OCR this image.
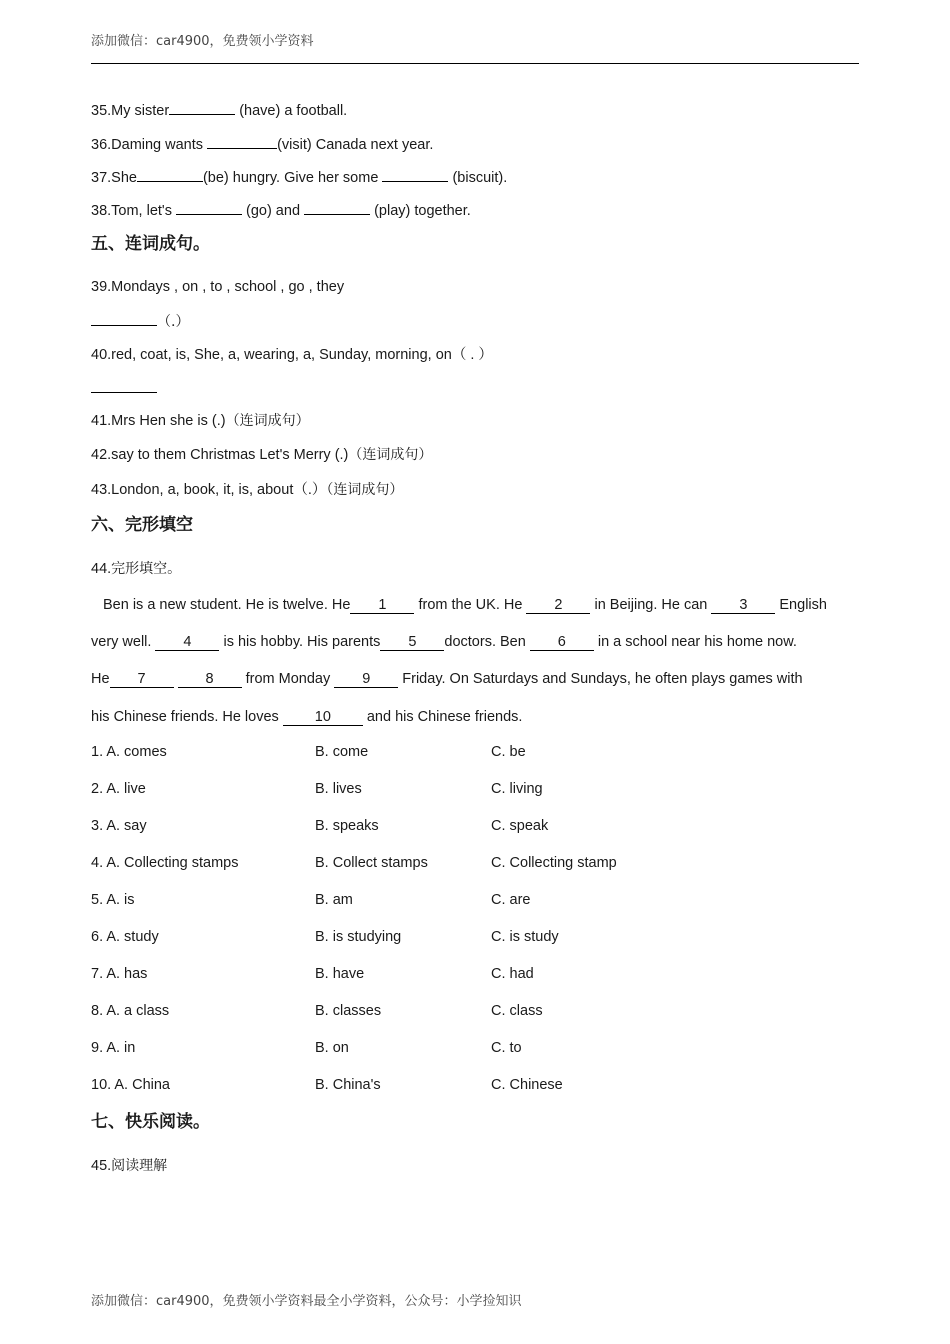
添加微信：car4900，免费领小学资料
35.My sister	(have) a football.
36.Daming wants	(visit) Canada next year.
37.She	(be) hungry. Give her some	(biscuit).
38.Tom, let's	(go) and	(play) together.
五、连词成句。
39.Mondays , on , to , school , go , they
（.）
40.red, coat, is, She, a, wearing, a, Sunday, morning, on（ . ）
41.Mrs Hen she is (.)（连词成句）
42.say to them Christmas Let's Merry (.)（连词成句）
43.London, a, book, it, is, about（.）（连词成句）
六、完形填空
44.完形填空。
Ben is a new student. He is twelve. He 1 from the UK. He 2 in Beijing. He can 3 English
very well. 4 is his hobby. His parents 5 doctors. Ben 6 in a school near his home now.
He 7	8 from Monday 9 Friday. On Saturdays and Sundays, he often plays games with
his Chinese friends. He loves 10 and his Chinese friends.
1. A. comes	B. come	C. be
2. A. live	B. lives	C. living
3. A. say	B. speaks	C. speak
4. A. Collecting stamps	B. Collect stamps	C. Collecting stamp
5. A. is	B. am	C. are
6. A. study	B. is studying	C. is study
7. A. has	B. have	C. had
8. A. a class	B. classes	C. class
9. A. in	B. on	C. to
10. A. China	B. China's	C. Chinese
七、快乐阅读。
45.阅读理解
添加微信：car4900，免费领小学资料最全小学资料，公众号：小学捡知识
